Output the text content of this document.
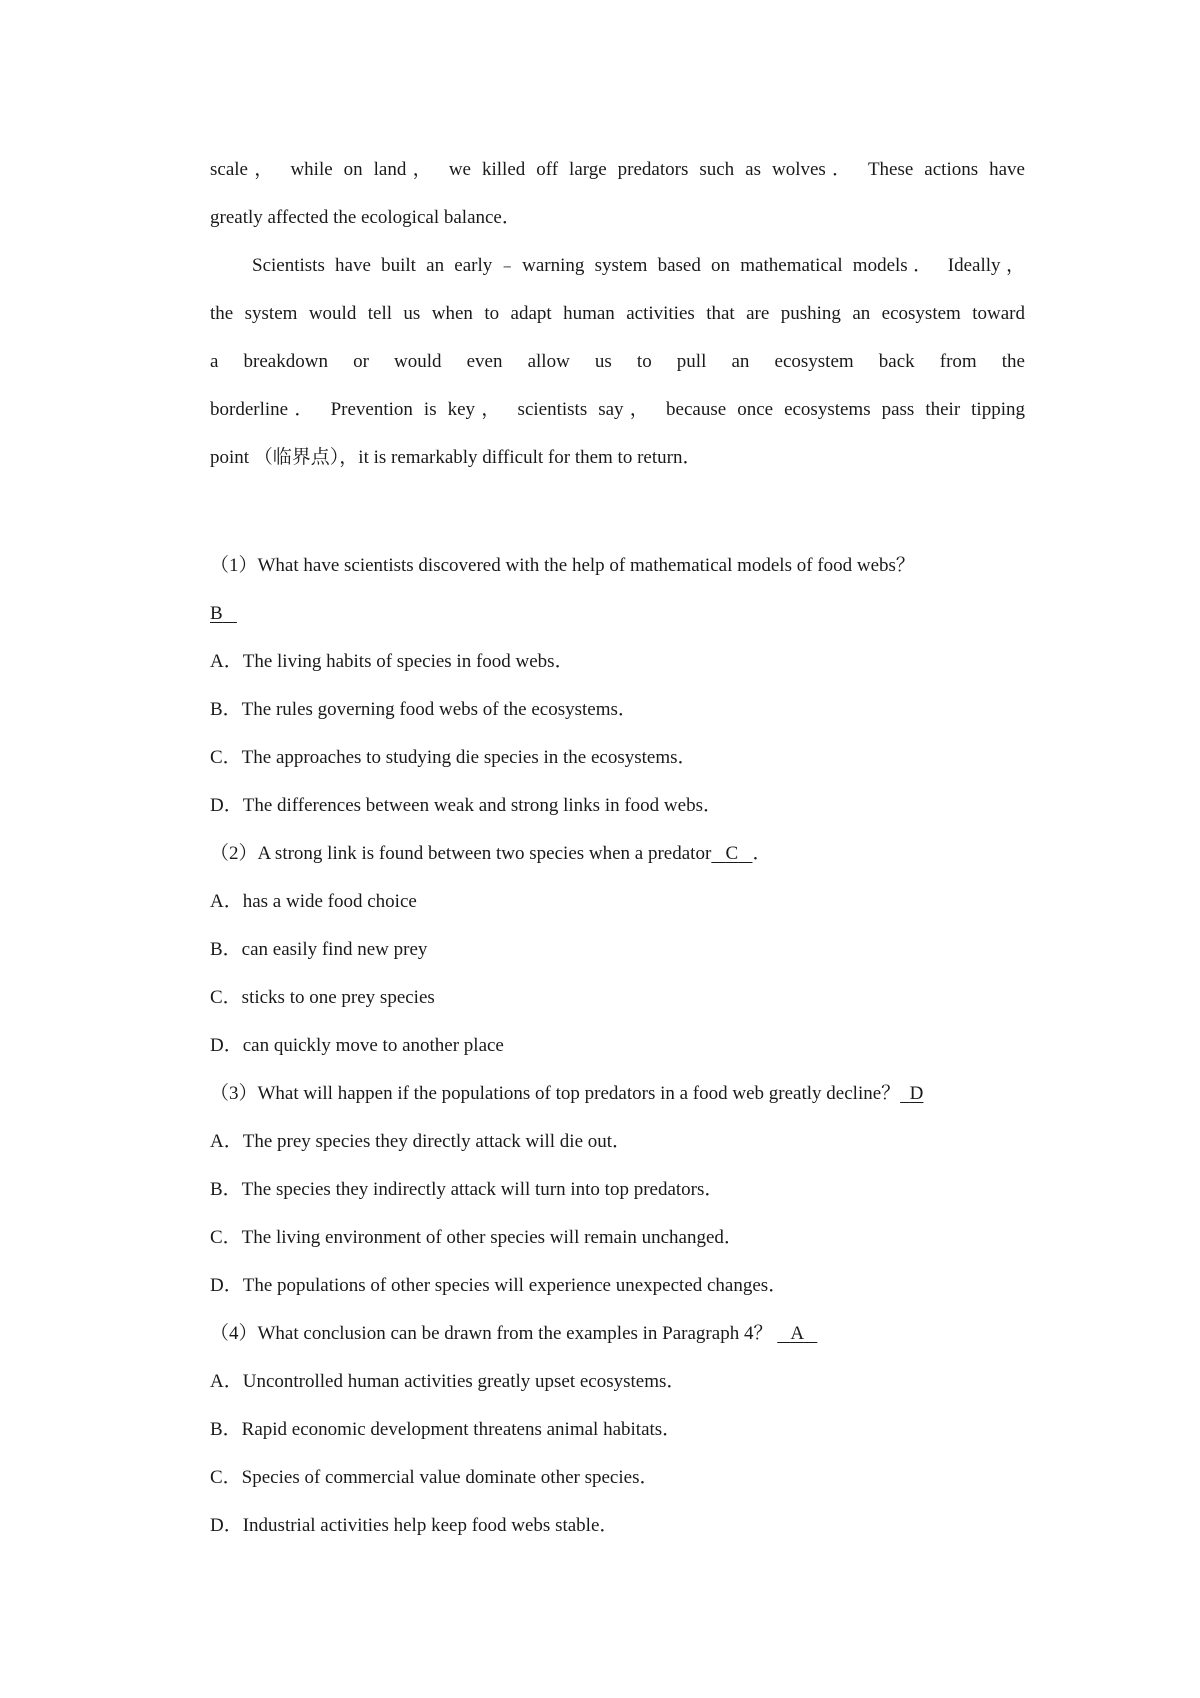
scale， while on land， we killed off large predators such as wolves． These actions have

greatly affected the ecological balance．

Scientists have built an early﹣warning system based on mathematical models． Ideally，

the system would tell us when to adapt human activities that are pushing an ecosystem toward

a breakdown or would even allow us to pull an ecosystem back from the

borderline． Prevention is key， scientists say， because once ecosystems pass their tipping

point （临界点），it is remarkably difficult for them to return．

（1）What have scientists discovered with the help of mathematical models of food webs？

B

A．The living habits of species in food webs．

B．The rules governing food webs of the ecosystems．

C．The approaches to studying die species in the ecosystems．

D．The differences between weak and strong links in food webs．

（2）A strong link is found between two species when a predator C ．

A．has a wide food choice

B．can easily find new prey

C．sticks to one prey species

D．can quickly move to another place

（3）What will happen if the populations of top predators in a food web greatly decline？ D

A．The prey species they directly attack will die out．

B．The species they indirectly attack will turn into top predators．

C．The living environment of other species will remain unchanged．

D．The populations of other species will experience unexpected changes．

（4）What conclusion can be drawn from the examples in Paragraph 4？ A

A．Uncontrolled human activities greatly upset ecosystems．

B．Rapid economic development threatens animal habitats．

C．Species of commercial value dominate other species．

D．Industrial activities help keep food webs stable．
